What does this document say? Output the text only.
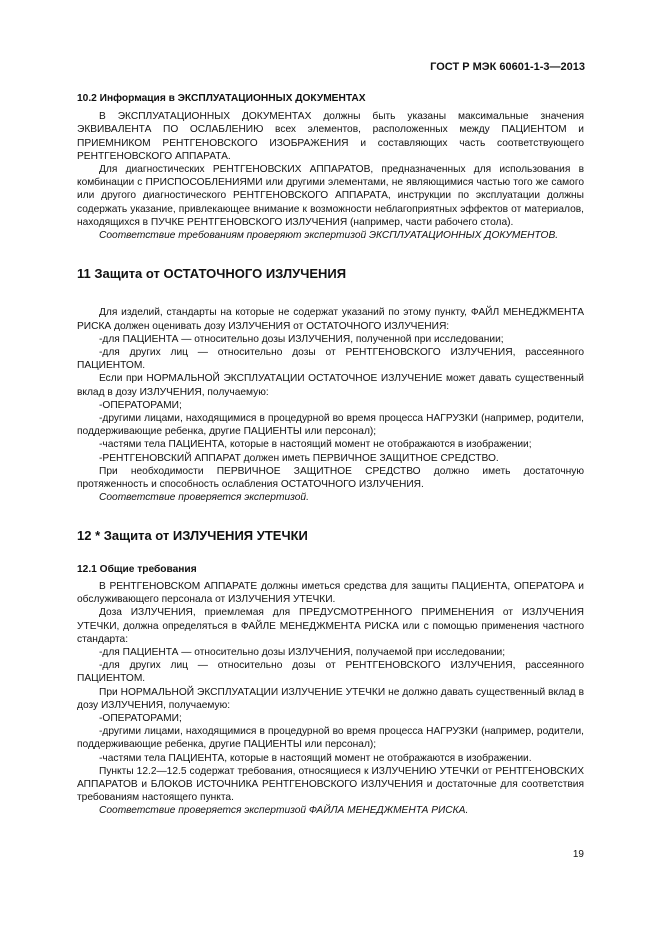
ГОСТ Р МЭК 60601-1-3—2013

10.2 Информация в ЭКСПЛУАТАЦИОННЫХ ДОКУМЕНТАХ

В ЭКСПЛУАТАЦИОННЫХ ДОКУМЕНТАХ должны быть указаны максимальные значения ЭКВИВАЛЕНТА ПО ОСЛАБЛЕНИЮ всех элементов, расположенных между ПАЦИЕНТОМ и ПРИЕМНИКОМ РЕНТГЕНОВСКОГО ИЗОБРАЖЕНИЯ и составляющих часть соответствующего РЕНТГЕНОВСКОГО АППАРАТА.

Для диагностических РЕНТГЕНОВСКИХ АППАРАТОВ, предназначенных для использования в комбинации с ПРИСПОСОБЛЕНИЯМИ или другими элементами, не являющимися частью того же самого или другого диагностического РЕНТГЕНОВСКОГО АППАРАТА, инструкции по эксплуатации должны содержать указание, привлекающее внимание к возможности неблагоприятных эффектов от материалов, находящихся в ПУЧКЕ РЕНТГЕНОВСКОГО ИЗЛУЧЕНИЯ (например, части рабочего стола).

Соответствие требованиям проверяют экспертизой ЭКСПЛУАТАЦИОННЫХ ДОКУМЕНТОВ.

11 Защита от ОСТАТОЧНОГО ИЗЛУЧЕНИЯ

Для изделий, стандарты на которые не содержат указаний по этому пункту, ФАЙЛ МЕНЕДЖМЕНТА РИСКА должен оценивать дозу ИЗЛУЧЕНИЯ от ОСТАТОЧНОГО ИЗЛУЧЕНИЯ:

-для ПАЦИЕНТА — относительно дозы ИЗЛУЧЕНИЯ, полученной при исследовании;

-для других лиц — относительно дозы от РЕНТГЕНОВСКОГО ИЗЛУЧЕНИЯ, рассеянного ПАЦИЕНТОМ.

Если при НОРМАЛЬНОЙ ЭКСПЛУАТАЦИИ ОСТАТОЧНОЕ ИЗЛУЧЕНИЕ может давать существенный вклад в дозу ИЗЛУЧЕНИЯ, получаемую:

-ОПЕРАТОРАМИ;

-другими лицами, находящимися в процедурной во время процесса НАГРУЗКИ (например, родители, поддерживающие ребенка, другие ПАЦИЕНТЫ или персонал);

-частями тела ПАЦИЕНТА, которые в настоящий момент не отображаются в изображении;

-РЕНТГЕНОВСКИЙ АППАРАТ должен иметь ПЕРВИЧНОЕ ЗАЩИТНОЕ СРЕДСТВО.

При необходимости ПЕРВИЧНОЕ ЗАЩИТНОЕ СРЕДСТВО должно иметь достаточную протяженность и способность ослабления ОСТАТОЧНОГО ИЗЛУЧЕНИЯ.

Соответствие проверяется экспертизой.

12 * Защита от ИЗЛУЧЕНИЯ УТЕЧКИ

12.1 Общие требования

В РЕНТГЕНОВСКОМ АППАРАТЕ должны иметься средства для защиты ПАЦИЕНТА, ОПЕРАТОРА и обслуживающего персонала от ИЗЛУЧЕНИЯ УТЕЧКИ.

Доза ИЗЛУЧЕНИЯ, приемлемая для ПРЕДУСМОТРЕННОГО ПРИМЕНЕНИЯ от ИЗЛУЧЕНИЯ УТЕЧКИ, должна определяться в ФАЙЛЕ МЕНЕДЖМЕНТА РИСКА или с помощью применения частного стандарта:

-для ПАЦИЕНТА — относительно дозы ИЗЛУЧЕНИЯ, получаемой при исследовании;

-для других лиц — относительно дозы от РЕНТГЕНОВСКОГО ИЗЛУЧЕНИЯ, рассеянного ПАЦИЕНТОМ.

При НОРМАЛЬНОЙ ЭКСПЛУАТАЦИИ ИЗЛУЧЕНИЕ УТЕЧКИ не должно давать существенный вклад в дозу ИЗЛУЧЕНИЯ, получаемую:

-ОПЕРАТОРАМИ;

-другими лицами, находящимися в процедурной во время процесса НАГРУЗКИ (например, родители, поддерживающие ребенка, другие ПАЦИЕНТЫ или персонал);

-частями тела ПАЦИЕНТА, которые в настоящий момент не отображаются в изображении.

Пункты 12.2—12.5 содержат требования, относящиеся к ИЗЛУЧЕНИЮ УТЕЧКИ от РЕНТГЕНОВСКИХ АППАРАТОВ и БЛОКОВ ИСТОЧНИКА РЕНТГЕНОВСКОГО ИЗЛУЧЕНИЯ и достаточные для соответствия требованиям настоящего пункта.

Соответствие проверяется экспертизой ФАЙЛА МЕНЕДЖМЕНТА РИСКА.

19
